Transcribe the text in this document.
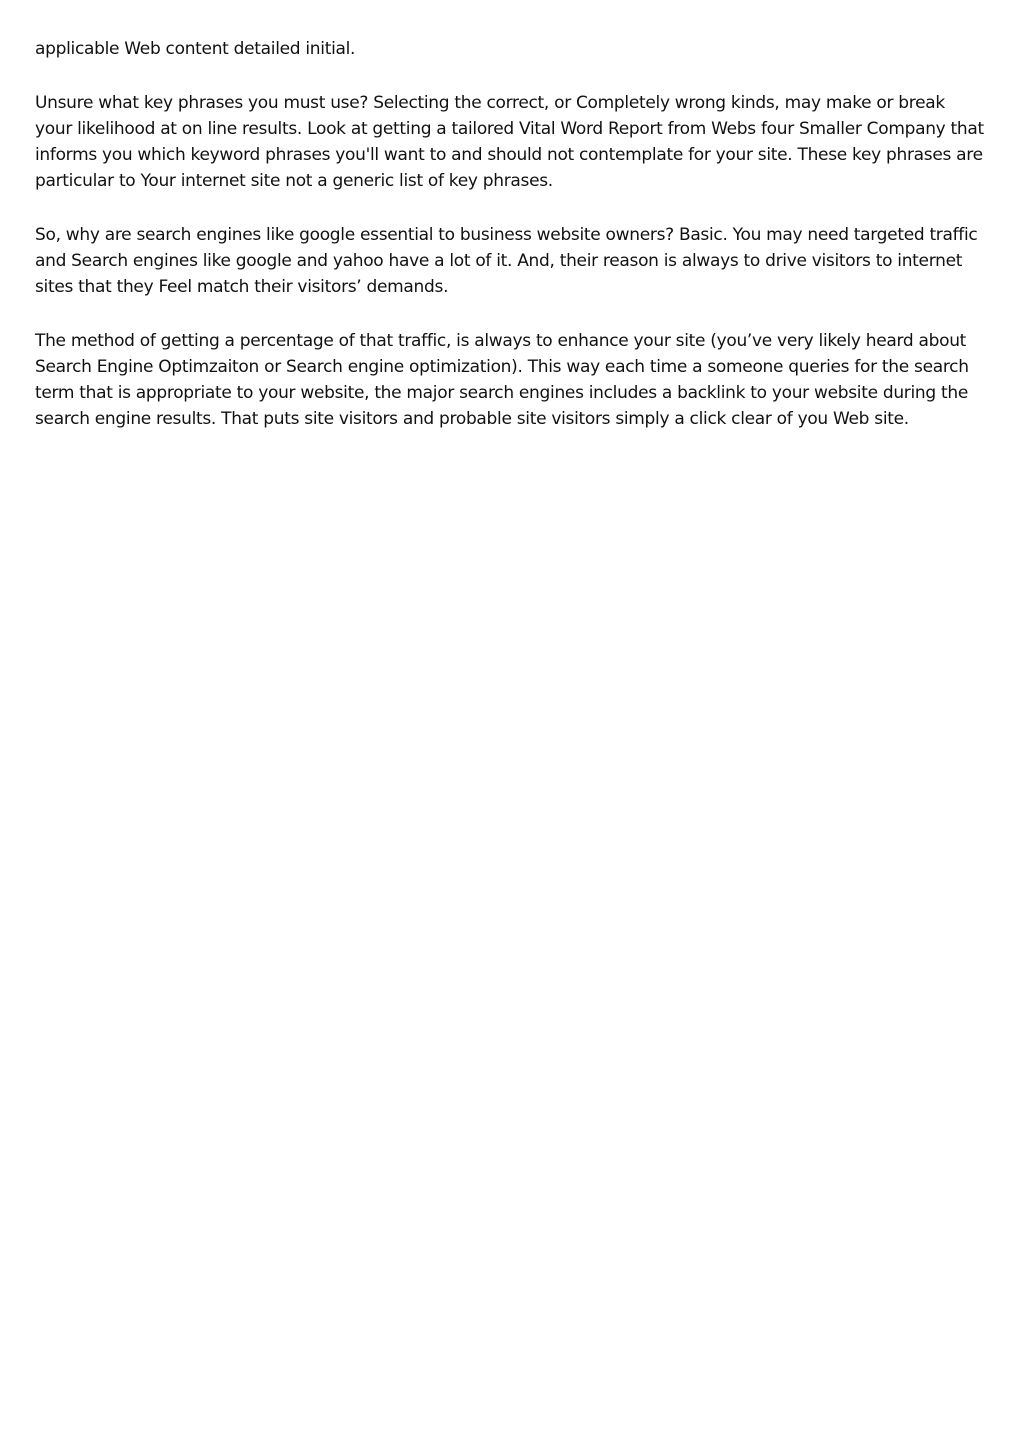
applicable Web content detailed initial.

Unsure what key phrases you must use? Selecting the correct, or Completely wrong kinds, may make or break your likelihood at on line results. Look at getting a tailored Vital Word Report from Webs four Smaller Company that informs you which keyword phrases you'll want to and should not contemplate for your site. These key phrases are particular to Your internet site not a generic list of key phrases.

So, why are search engines like google essential to business website owners? Basic. You may need targeted traffic and Search engines like google and yahoo have a lot of it. And, their reason is always to drive visitors to internet sites that they Feel match their visitors’ demands.

The method of getting a percentage of that traffic, is always to enhance your site (you’ve very likely heard about Search Engine Optimzaiton or Search engine optimization). This way each time a someone queries for the search term that is appropriate to your website, the major search engines includes a backlink to your website during the search engine results. That puts site visitors and probable site visitors simply a click clear of you Web site.
